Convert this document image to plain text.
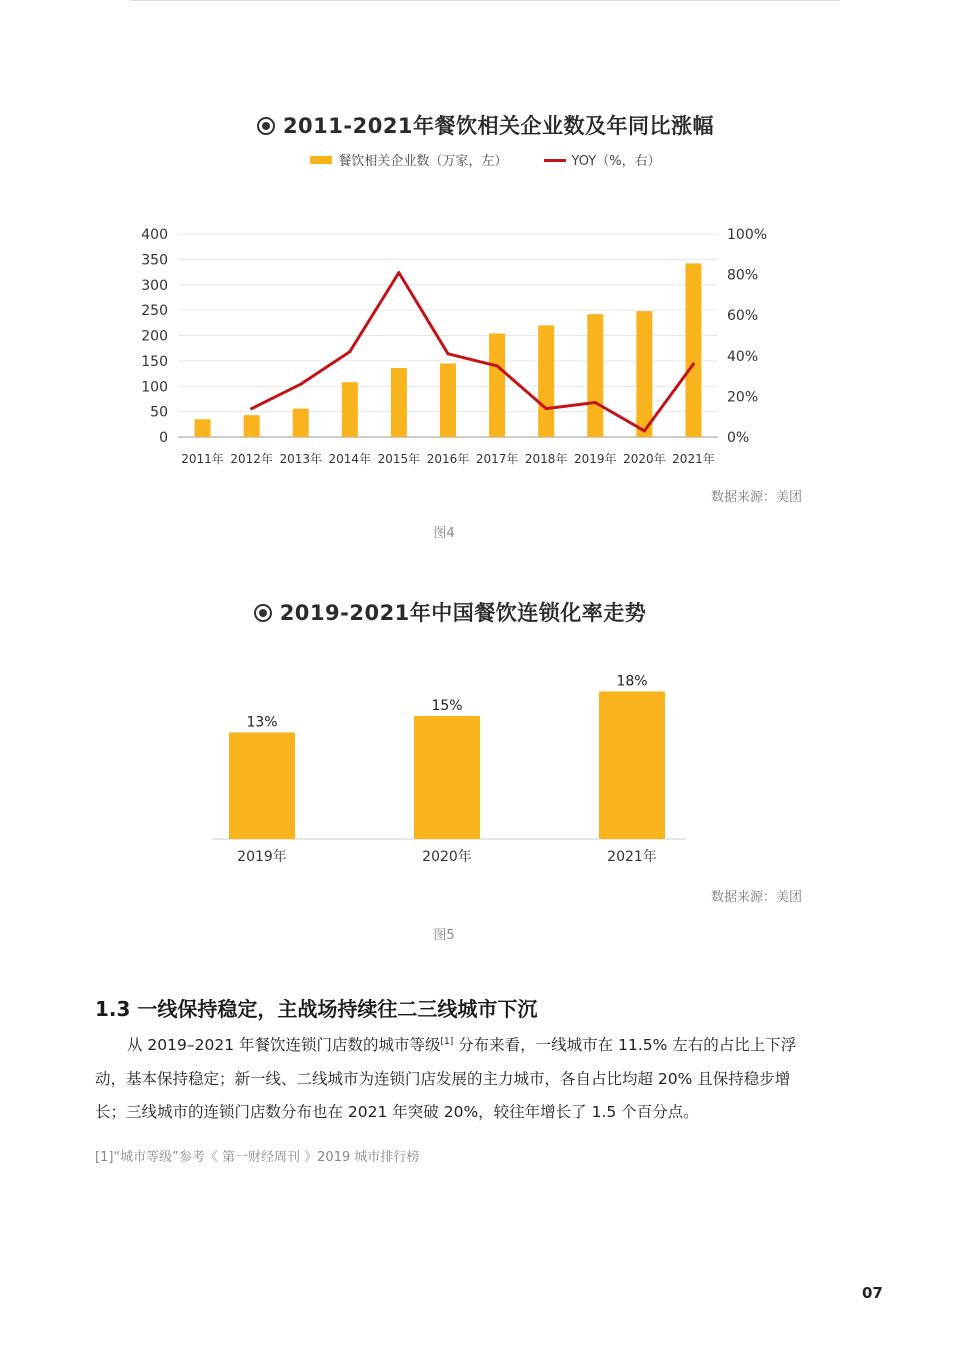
2011-2021年餐饮相关企业数及年同比涨幅
餐饮相关企业数（万家，左）	YOY（%，右）
0
50
100
150
200
250
300
350
400
0%
20%
40%
60%
80%
100%
2011年 2012年 2013年 2014年 2015年 2016年 2017年 2018年 2019年 2020年 2021年
数据来源：美团
图4
2019-2021年中国餐饮连锁化率走势
13%
2019年
15%
2020年
18%
2021年
数据来源：美团
图5
1.3 一线保持稳定，主战场持续往二三线城市下沉

从 2019–2021 年餐饮连锁门店数的城市等级[1] 分布来看，一线城市在 11.5% 左右的占比上下浮动，基本保持稳定；新一线、二线城市为连锁门店发展的主力城市，各自占比均超 20% 且保持稳步增长；三线城市的连锁门店数分布也在 2021 年突破 20%，较往年增长了 1.5 个百分点。

[1]“城市等级”参考《 第一财经周刊 》2019 城市排行榜
07
